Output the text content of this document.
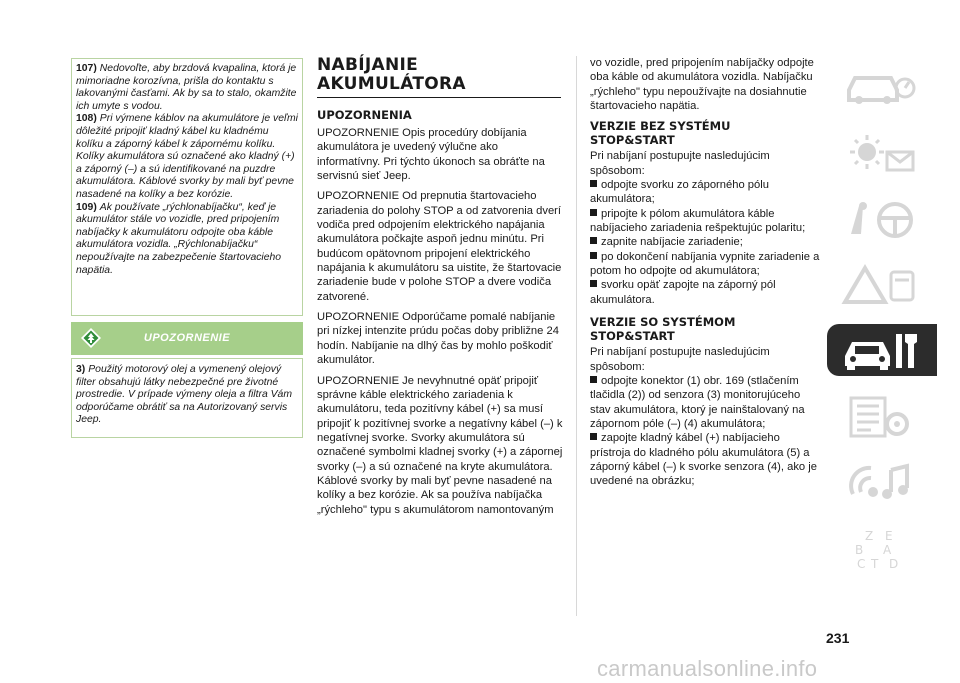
107) Nedovoľte, aby brzdová kvapalina, ktorá je mimoriadne korozívna, prišla do kontaktu s lakovanými časťami. Ak by sa to stalo, okamžite ich umyte s vodou.

108) Pri výmene káblov na akumulátore je veľmi dôležité pripojiť kladný kábel ku kladnému kolíku a záporný kábel k zápornému kolíku. Kolíky akumulátora sú označené ako kladný (+) a záporný (–) a sú identifikované na puzdre akumulátora. Káblové svorky by mali byť pevne nasadené na kolíky a bez korózie.

109) Ak používate „rýchlonabíjačku“, keď je akumulátor stále vo vozidle, pred pripojením nabíjačky k akumulátoru odpojte oba káble akumulátora vozidla. „Rýchlonabíjačku“ nepoužívajte na zabezpečenie štartovacieho napätia.

UPOZORNENIE

3) Použitý motorový olej a vymenený olejový filter obsahujú látky nebezpečné pre životné prostredie. V prípade výmeny oleja a filtra Vám odporúčame obrátiť sa na Autorizovaný servis Jeep.

NABÍJANIE
AKUMULÁTORA
UPOZORNENIA

UPOZORNENIE Opis procedúry dobíjania akumulátora je uvedený výlučne ako informatívny. Pri týchto úkonoch sa obráťte na servisnú sieť Jeep.

UPOZORNENIE Od prepnutia štartovacieho zariadenia do polohy STOP a od zatvorenia dverí vodiča pred odpojením elektrického napájania akumulátora počkajte aspoň jednu minútu. Pri budúcom opätovnom pripojení elektrického napájania k akumulátoru sa uistite, že štartovacie zariadenie bude v polohe STOP a dvere vodiča zatvorené.

UPOZORNENIE Odporúčame pomalé nabíjanie pri nízkej intenzite prúdu počas doby približne 24 hodín. Nabíjanie na dlhý čas by mohlo poškodiť akumulátor.

UPOZORNENIE Je nevyhnutné opäť pripojiť správne káble elektrického zariadenia k akumulátoru, teda pozitívny kábel (+) sa musí pripojiť k pozitívnej svorke a negatívny kábel (–) k negatívnej svorke. Svorky akumulátora sú označené symbolmi kladnej svorky (+) a zápornej svorky (–) a sú označené na kryte akumulátora. Káblové svorky by mali byť pevne nasadené na kolíky a bez korózie. Ak sa používa nabíjačka „rýchleho" typu s akumulátorom namontovaným

vo vozidle, pred pripojením nabíjačky odpojte oba káble od akumulátora vozidla. Nabíjačku „rýchleho" typu nepoužívajte na dosiahnutie štartovacieho napätia.

VERZIE BEZ SYSTÉMU
STOP&START

Pri nabíjaní postupujte nasledujúcim spôsobom:

odpojte svorku zo záporného pólu akumulátora;

pripojte k pólom akumulátora káble nabíjacieho zariadenia rešpektujúc polaritu;

zapnite nabíjacie zariadenie;

po dokončení nabíjania vypnite zariadenie a potom ho odpojte od akumulátora;

svorku opäť zapojte na záporný pól akumulátora.

VERZIE SO SYSTÉMOM
STOP&START

Pri nabíjaní postupujte nasledujúcim spôsobom:

odpojte konektor (1) obr. 169 (stlačením tlačidla (2)) od senzora (3) monitorujúceho stav akumulátora, ktorý je nainštalovaný na zápornom póle (–) (4) akumulátora;

zapojte kladný kábel (+) nabíjacieho prístroja do kladného pólu akumulátora (5) a záporný kábel (–) k svorke senzora (4), ako je uvedené na obrázku;

Z E
B A
C T D
231
carmanualsonline.info
